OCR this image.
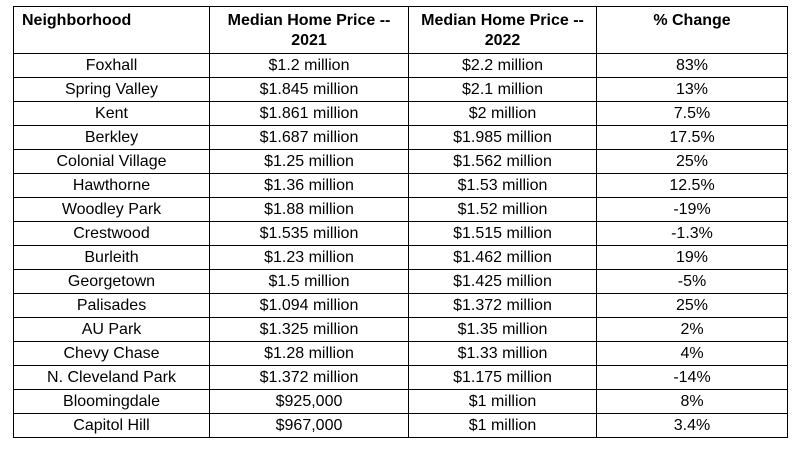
Neighborhood	Median Home Price -- 2021	Median Home Price -- 2022	% Change
Foxhall	$1.2 million	$2.2 million	83%
Spring Valley	$1.845 million	$2.1 million	13%
Kent	$1.861 million	$2 million	7.5%
Berkley	$1.687 million	$1.985 million	17.5%
Colonial Village	$1.25 million	$1.562 million	25%
Hawthorne	$1.36 million	$1.53 million	12.5%
Woodley Park	$1.88 million	$1.52 million	-19%
Crestwood	$1.535 million	$1.515 million	-1.3%
Burleith	$1.23 million	$1.462 million	19%
Georgetown	$1.5 million	$1.425 million	-5%
Palisades	$1.094 million	$1.372 million	25%
AU Park	$1.325 million	$1.35 million	2%
Chevy Chase	$1.28 million	$1.33 million	4%
N. Cleveland Park	$1.372 million	$1.175 million	-14%
Bloomingdale	$925,000	$1 million	8%
Capitol Hill	$967,000	$1 million	3.4%
